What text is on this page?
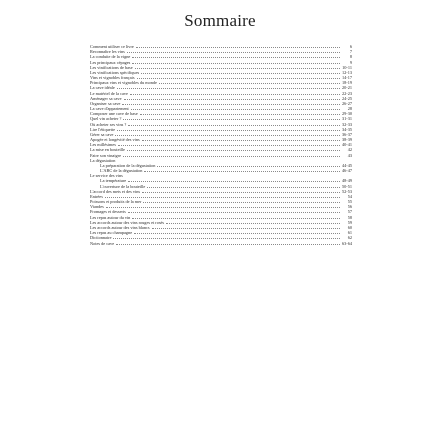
Sommaire
Comment utiliser ce livre	6
Reconnaître les vins	7
La conduite de la vigne	8
Les principaux cépages	9
Les vinifications de base	10-11
Les vinifications spécifiques	12-13
Vins et vignobles français	14-17
Principaux vins et vignobles du monde	18-19
La cave idéale	20-21
Le matériel de la cave	22-23
Aménager sa cave	24-25
Organiser sa cave	26-27
La cave d'appartement	28
Composer une cave de base	29-30
Quel vin acheter ?	31-31
Où acheter ses vins ?	32-33
Lire l'étiquette	34-35
Gérer sa cave	36-37
Apogée et longévité des vins	38-39
Les millésimes	40-41
La mise en bouteille	42
Faire son vinaigre	43
La dégustation
La préparation de la dégustation	44-45
L'ABC de la dégustation	46-47
Le service des vins
La température	48-49
L'ouverture de la bouteille	50-51
L'accord des mets et des vins	52-53
Entrées	54
Poissons et produits de la mer	55
Viandes	56
Fromages et desserts	57
Les repas autour du vin	58
Les accords autour des vins rouges et rosés	59
Les accords autour des vins blancs	60
Les repas au champagne	61
Dictionnaire	62
Notes de cave	63-64
